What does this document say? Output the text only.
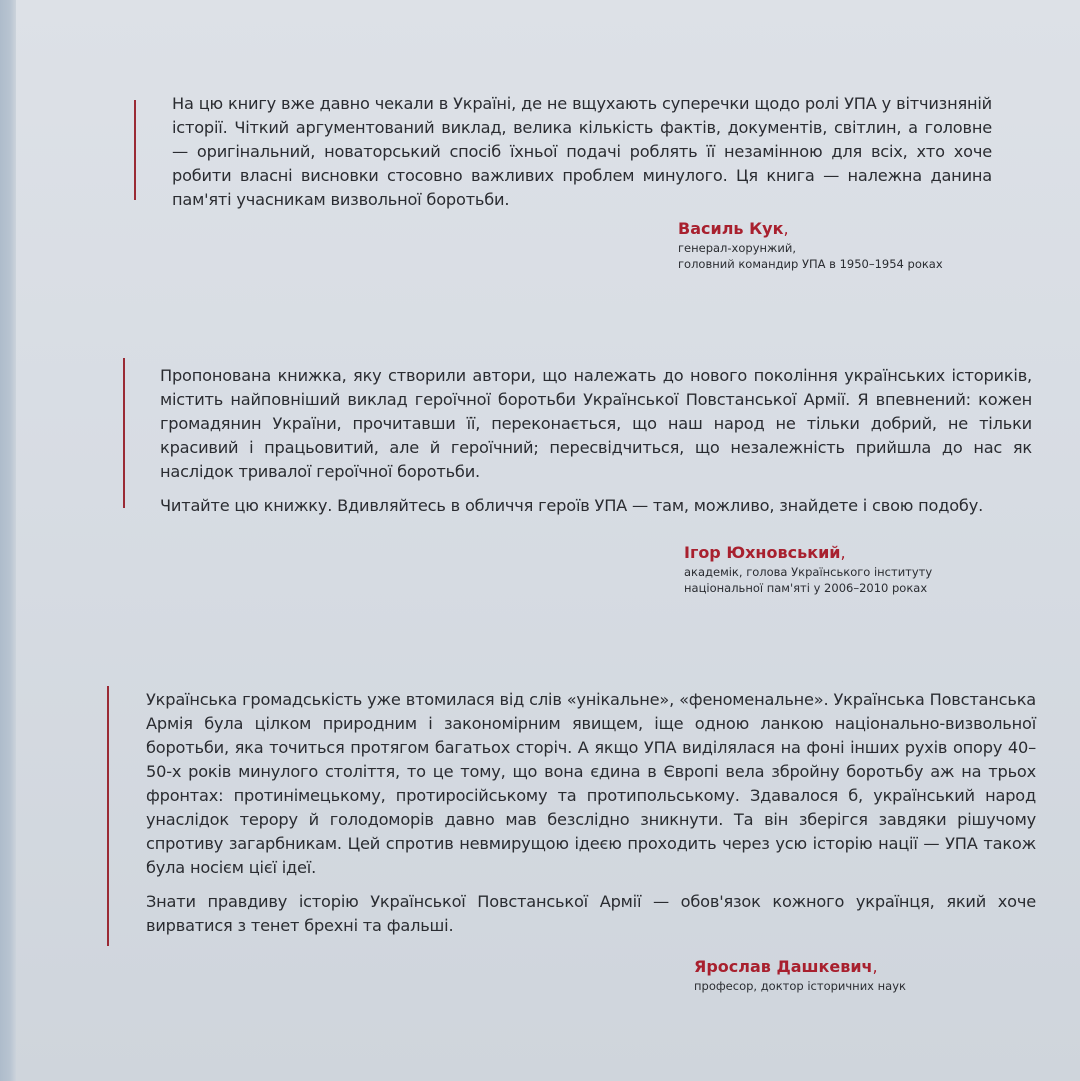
На цю книгу вже давно чекали в Україні, де не вщухають суперечки щодо ролі УПА у вітчизняній історії. Чіткий аргументований виклад, велика кількість фактів, документів, світлин, а головне — оригінальний, новаторський спосіб їхньої подачі роблять її незамінною для всіх, хто хоче робити власні висновки стосовно важливих проблем минулого. Ця книга — належна данина пам'яті учасникам визвольної боротьби.

Василь Кук,
генерал-хорунжий,
головний командир УПА в 1950–1954 роках

Пропонована книжка, яку створили автори, що належать до нового покоління українських істориків, містить найповніший виклад героїчної боротьби Української Повстанської Армії. Я впевнений: кожен громадянин України, прочитавши її, переконається, що наш народ не тільки добрий, не тільки красивий і працьовитий, але й героїчний; пересвідчиться, що незалежність прийшла до нас як наслідок тривалої героїчної боротьби.

Читайте цю книжку. Вдивляйтесь в обличчя героїв УПА — там, можливо, знайдете і свою подобу.

Ігор Юхновський,
академік, голова Українського інституту
національної пам'яті у 2006–2010 роках

Українська громадськість уже втомилася від слів «унікальне», «феноменальне». Українська Повстанська Армія була цілком природним і закономірним явищем, іще одною ланкою національно-визвольної боротьби, яка точиться протягом багатьох сторіч. А якщо УПА виділялася на фоні інших рухів опору 40–50-х років минулого століття, то це тому, що вона єдина в Європі вела збройну боротьбу аж на трьох фронтах: протинімецькому, протиросійському та протипольському. Здавалося б, український народ унаслідок терору й голодоморів давно мав безслідно зникнути. Та він зберігся завдяки рішучому спротиву загарбникам. Цей спротив невмирущою ідеєю проходить через усю історію нації — УПА також була носієм цієї ідеї.

Знати правдиву історію Української Повстанської Армії — обов'язок кожного українця, який хоче вирватися з тенет брехні та фальші.

Ярослав Дашкевич,
професор, доктор історичних наук
